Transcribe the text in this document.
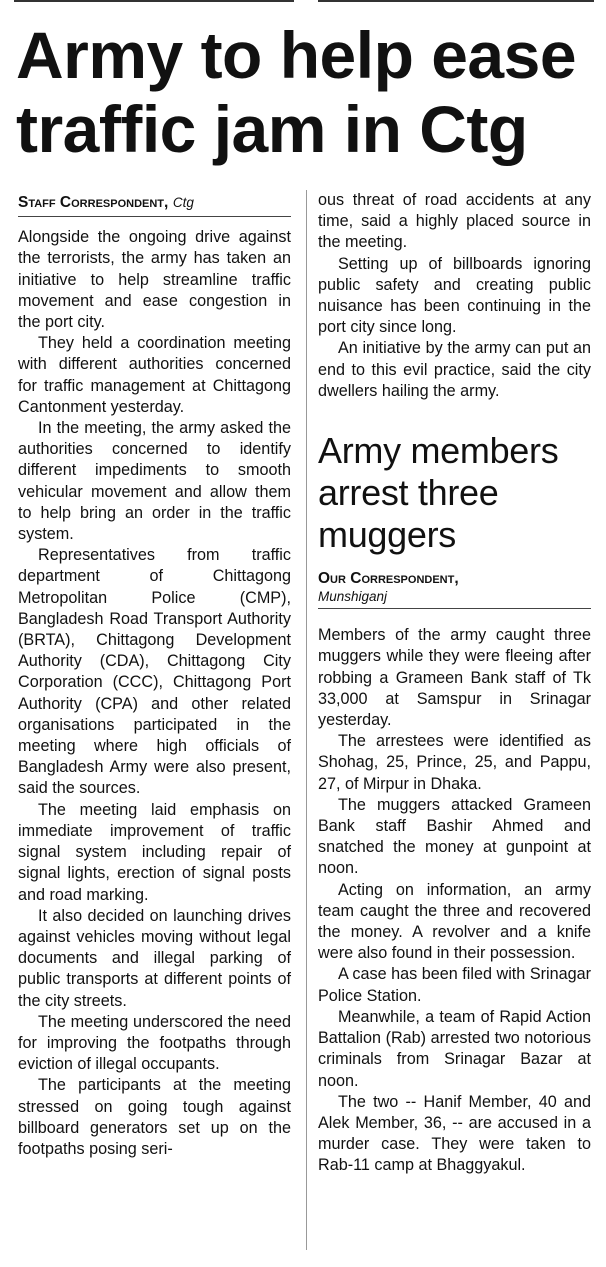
Army to help ease traffic jam in Ctg
Staff Correspondent, Ctg

Alongside the ongoing drive against the terrorists, the army has taken an initiative to help streamline traffic movement and ease congestion in the port city.

They held a coordination meeting with different authorities concerned for traffic management at Chittagong Cantonment yesterday.

In the meeting, the army asked the authorities concerned to identify different impediments to smooth vehicular movement and allow them to help bring an order in the traffic system.

Representatives from traffic department of Chittagong Metropolitan Police (CMP), Bangladesh Road Transport Authority (BRTA), Chittagong Development Authority (CDA), Chittagong City Corporation (CCC), Chittagong Port Authority (CPA) and other related organisations participated in the meeting where high officials of Bangladesh Army were also present, said the sources.

The meeting laid emphasis on immediate improvement of traffic signal system including repair of signal lights, erection of signal posts and road marking.

It also decided on launching drives against vehicles moving without legal documents and illegal parking of public transports at different points of the city streets.

The meeting underscored the need for improving the footpaths through eviction of illegal occupants.

The participants at the meeting stressed on going tough against billboard generators set up on the footpaths posing seri-

ous threat of road accidents at any time, said a highly placed source in the meeting.

Setting up of billboards ignoring public safety and creating public nuisance has been continuing in the port city since long.

An initiative by the army can put an end to this evil practice, said the city dwellers hailing the army.

Army members arrest three muggers
Our Correspondent,
Munshiganj

Members of the army caught three muggers while they were fleeing after robbing a Grameen Bank staff of Tk 33,000 at Samspur in Srinagar yesterday.

The arrestees were identified as Shohag, 25, Prince, 25, and Pappu, 27, of Mirpur in Dhaka.

The muggers attacked Grameen Bank staff Bashir Ahmed and snatched the money at gunpoint at noon.

Acting on information, an army team caught the three and recovered the money. A revolver and a knife were also found in their possession.

A case has been filed with Srinagar Police Station.

Meanwhile, a team of Rapid Action Battalion (Rab) arrested two notorious criminals from Srinagar Bazar at noon.

The two -- Hanif Member, 40 and Alek Member, 36, -- are accused in a murder case. They were taken to Rab-11 camp at Bhaggyakul.
